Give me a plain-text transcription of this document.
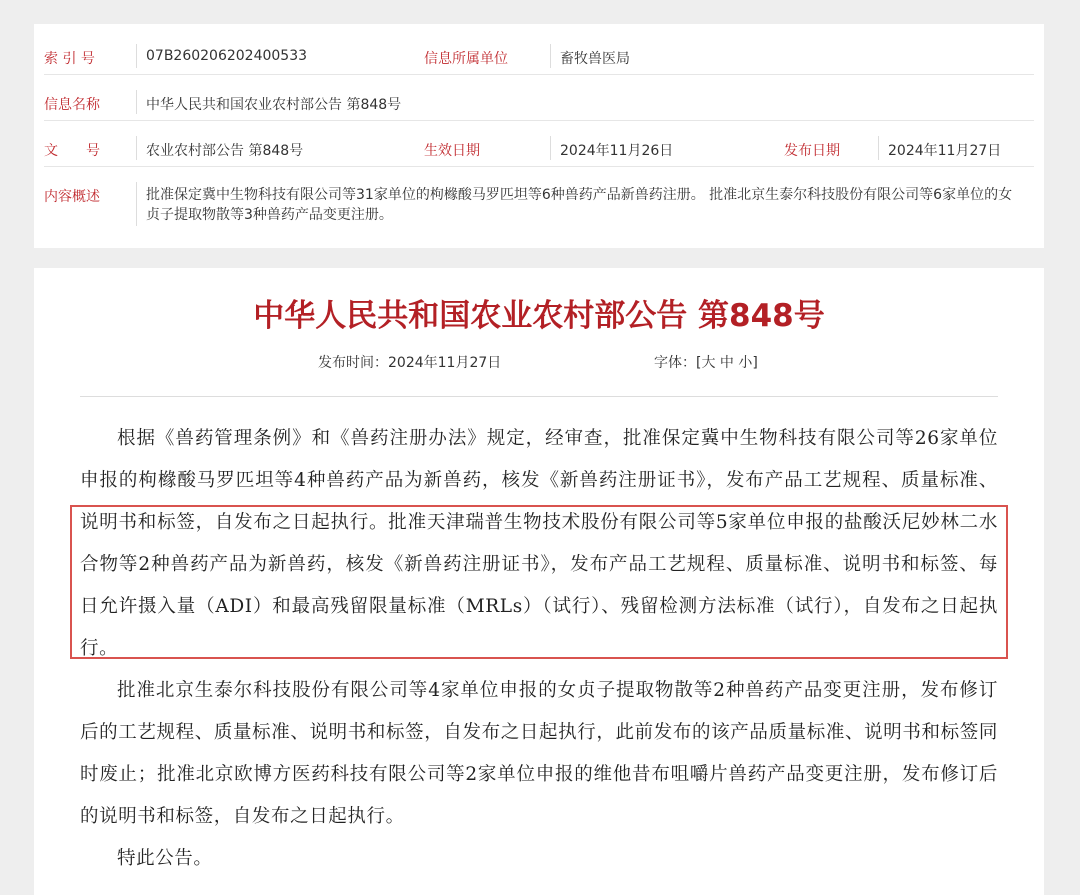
索 引 号	07B260206202400533	信息所属单位	畜牧兽医局
信息名称	中华人民共和国农业农村部公告 第848号
文　　号	农业农村部公告 第848号	生效日期	2024年11月26日	发布日期	2024年11月27日
内容概述	批准保定冀中生物科技有限公司等31家单位的枸橼酸马罗匹坦等6种兽药产品新兽药注册。 批准北京生泰尔科技股份有限公司等6家单位的女贞子提取物散等3种兽药产品变更注册。
中华人民共和国农业农村部公告 第848号
发布时间：2024年11月27日	字体：[大 中 小]

根据《兽药管理条例》和《兽药注册办法》规定，经审查，批准保定冀中生物科技有限公司等26家单位申报的枸橼酸马罗匹坦等4种兽药产品为新兽药，核发《新兽药注册证书》，发布产品工艺规程、质量标准、说明书和标签，自发布之日起执行。批准天津瑞普生物技术股份有限公司等5家单位申报的盐酸沃尼妙林二水合物等2种兽药产品为新兽药，核发《新兽药注册证书》，发布产品工艺规程、质量标准、说明书和标签、每日允许摄入量（ADI）和最高残留限量标准（MRLs）（试行）、残留检测方法标准（试行），自发布之日起执行。

批准北京生泰尔科技股份有限公司等4家单位申报的女贞子提取物散等2种兽药产品变更注册，发布修订后的工艺规程、质量标准、说明书和标签，自发布之日起执行，此前发布的该产品质量标准、说明书和标签同时废止；批准北京欧博方医药科技有限公司等2家单位申报的维他昔布咀嚼片兽药产品变更注册，发布修订后的说明书和标签，自发布之日起执行。

特此公告。
